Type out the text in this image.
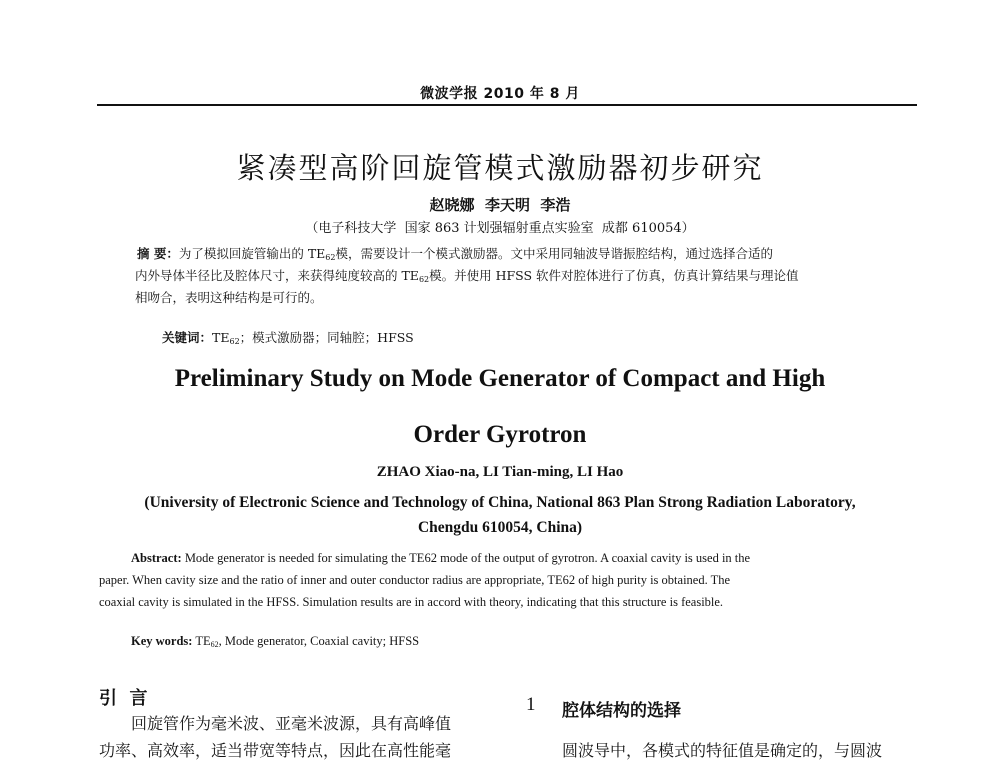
微波学报 2010 年 8 月
紧凑型高阶回旋管模式激励器初步研究
赵晓娜  李天明  李浩
（电子科技大学  国家 863 计划强辐射重点实验室  成都 610054）
摘 要：为了模拟回旋管输出的 $TE_{62}$模，需要设计一个模式激励器。文中采用同轴波导谐振腔结构，通过选择合适的
内外导体半径比及腔体尺寸，来获得纯度较高的 $TE_{62}$模。并使用 HFSS 软件对腔体进行了仿真，仿真计算结果与理论值
相吻合，表明这种结构是可行的。
关键词：$TE_{62}$；模式激励器；同轴腔；HFSS
Preliminary Study on Mode Generator of Compact and High
Order Gyrotron
ZHAO Xiao-na, LI Tian-ming, LI Hao
(University of Electronic Science and Technology of China, National 863 Plan Strong Radiation Laboratory,
Chengdu 610054, China)
Abstract: Mode generator is needed for simulating the TE62 mode of the output of gyrotron. A coaxial cavity is used in the
paper. When cavity size and the ratio of inner and outer conductor radius are appropriate, TE62 of high purity is obtained. The
coaxial cavity is simulated in the HFSS. Simulation results are in accord with theory, indicating that this structure is feasible.
Key words: $TE_{62}$, Mode generator, Coaxial cavity; HFSS
引  言
回旋管作为毫米波、亚毫米波源，具有高峰值
功率、高效率，适当带宽等特点，因此在高性能毫
1 腔体结构的选择
圆波导中，各模式的特征值是确定的，与圆波
